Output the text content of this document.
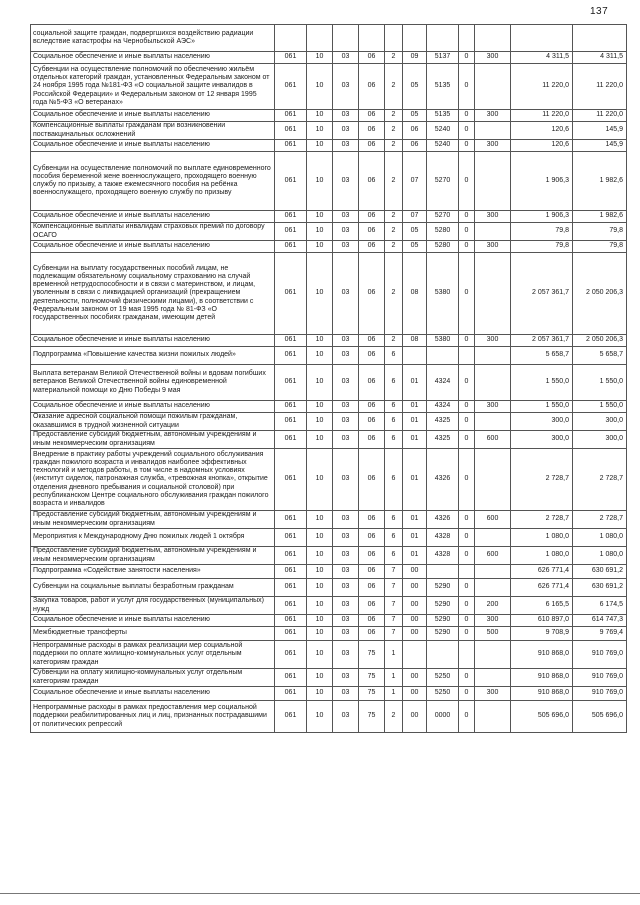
137
социальной защите граждан, подвергшихся воздействию радиации вследствие катастрофы на Чернобыльской АЭС»											
Социальное обеспечение и иные выплаты населению	061	10	03	06	2	09	5137	0	300	4 311,5	4 311,5
Субвенции на осуществление полномочий по обеспечению жильём отдельных категорий граждан, установленных Федеральным законом от 24 ноября 1995 года №181-ФЗ «О социальной защите инвалидов в Российской Федерации» и Федеральным законом от 12 января 1995 года №5-ФЗ «О ветеранах»	061	10	03	06	2	05	5135	0		11 220,0	11 220,0
Социальное обеспечение и иные выплаты населению	061	10	03	06	2	05	5135	0	300	11 220,0	11 220,0
Компенсационные выплаты гражданам при возникновении поствакцинальных осложнений	061	10	03	06	2	06	5240	0		120,6	145,9
Социальное обеспечение и иные выплаты населению	061	10	03	06	2	06	5240	0	300	120,6	145,9
Субвенции на осуществление полномочий по выплате единовременного пособия беременной жене военнослужащего, проходящего военную службу по призыву, а также ежемесячного пособия на ребёнка военнослужащего, проходящего военную службу по призыву	061	10	03	06	2	07	5270	0		1 906,3	1 982,6
Социальное обеспечение и иные выплаты населению	061	10	03	06	2	07	5270	0	300	1 906,3	1 982,6
Компенсационные выплаты инвалидам страховых премий по договору ОСАГО	061	10	03	06	2	05	5280	0		79,8	79,8
Социальное обеспечение и иные выплаты населению	061	10	03	06	2	05	5280	0	300	79,8	79,8
Субвенции на выплату государственных пособий лицам, не подлежащим обязательному социальному страхованию на случай временной нетрудоспособности и в связи с материнством, и лицам, уволенным в связи с ликвидацией организаций (прекращением деятельности, полномочий физическими лицами), в соответствии с Федеральным законом от 19 мая 1995 года № 81-ФЗ «О государственных пособиях гражданам, имеющим детей	061	10	03	06	2	08	5380	0		2 057 361,7	2 050 206,3
Социальное обеспечение и иные выплаты населению	061	10	03	06	2	08	5380	0	300	2 057 361,7	2 050 206,3
Подпрограмма «Повышение качества жизни пожилых людей»	061	10	03	06	6					5 658,7	5 658,7
Выплата ветеранам Великой Отечественной войны и вдовам погибших ветеранов Великой Отечественной войны единовременной материальной помощи ко Дню Победы 9 мая	061	10	03	06	6	01	4324	0		1 550,0	1 550,0
Социальное обеспечение и иные выплаты населению	061	10	03	06	6	01	4324	0	300	1 550,0	1 550,0
Оказание адресной социальной помощи пожилым гражданам, оказавшимся в трудной жизненной ситуации	061	10	03	06	6	01	4325	0		300,0	300,0
Предоставление субсидий бюджетным, автономным учреждениям и иным некоммерческим организациям	061	10	03	06	6	01	4325	0	600	300,0	300,0
Внедрение в практику работы учреждений социального обслуживания граждан пожилого возраста и инвалидов наиболее эффективных технологий и методов работы, в том числе в надомных условиях (институт сиделок, патронажная служба, «тревожная кнопка», открытие отделения дневного пребывания и социальной столовой) при республиканском Центре социального обслуживания граждан пожилого возраста и инвалидов	061	10	03	06	6	01	4326	0		2 728,7	2 728,7
Предоставление субсидий бюджетным, автономным учреждениям и иным некоммерческим организациям	061	10	03	06	6	01	4326	0	600	2 728,7	2 728,7
Мероприятия к Международному Дню пожилых людей 1 октября	061	10	03	06	6	01	4328	0		1 080,0	1 080,0
Предоставление субсидий бюджетным, автономным учреждениям и иным некоммерческим организациям	061	10	03	06	6	01	4328	0	600	1 080,0	1 080,0
Подпрограмма «Содействие занятости населения»	061	10	03	06	7	00				626 771,4	630 691,2
Субвенции на социальные выплаты безработным гражданам	061	10	03	06	7	00	5290	0		626 771,4	630 691,2
Закупка товаров, работ и услуг для государственных (муниципальных) нужд	061	10	03	06	7	00	5290	0	200	6 165,5	6 174,5
Социальное обеспечение и иные выплаты населению	061	10	03	06	7	00	5290	0	300	610 897,0	614 747,3
Межбюджетные трансферты	061	10	03	06	7	00	5290	0	500	9 708,9	9 769,4
Непрограммные расходы в рамках реализации мер социальной поддержки по оплате жилищно-коммунальных услуг отдельным категориям граждан	061	10	03	75	1					910 868,0	910 769,0
Субвенции на оплату жилищно-коммунальных услуг отдельным категориям граждан	061	10	03	75	1	00	5250	0		910 868,0	910 769,0
Социальное обеспечение и иные выплаты населению	061	10	03	75	1	00	5250	0	300	910 868,0	910 769,0
Непрограммные расходы в рамках предоставления мер социальной поддержки реабилитированных лиц и лиц, признанных пострадавшими от политических репрессий	061	10	03	75	2	00	0000	0		505 696,0	505 696,0
